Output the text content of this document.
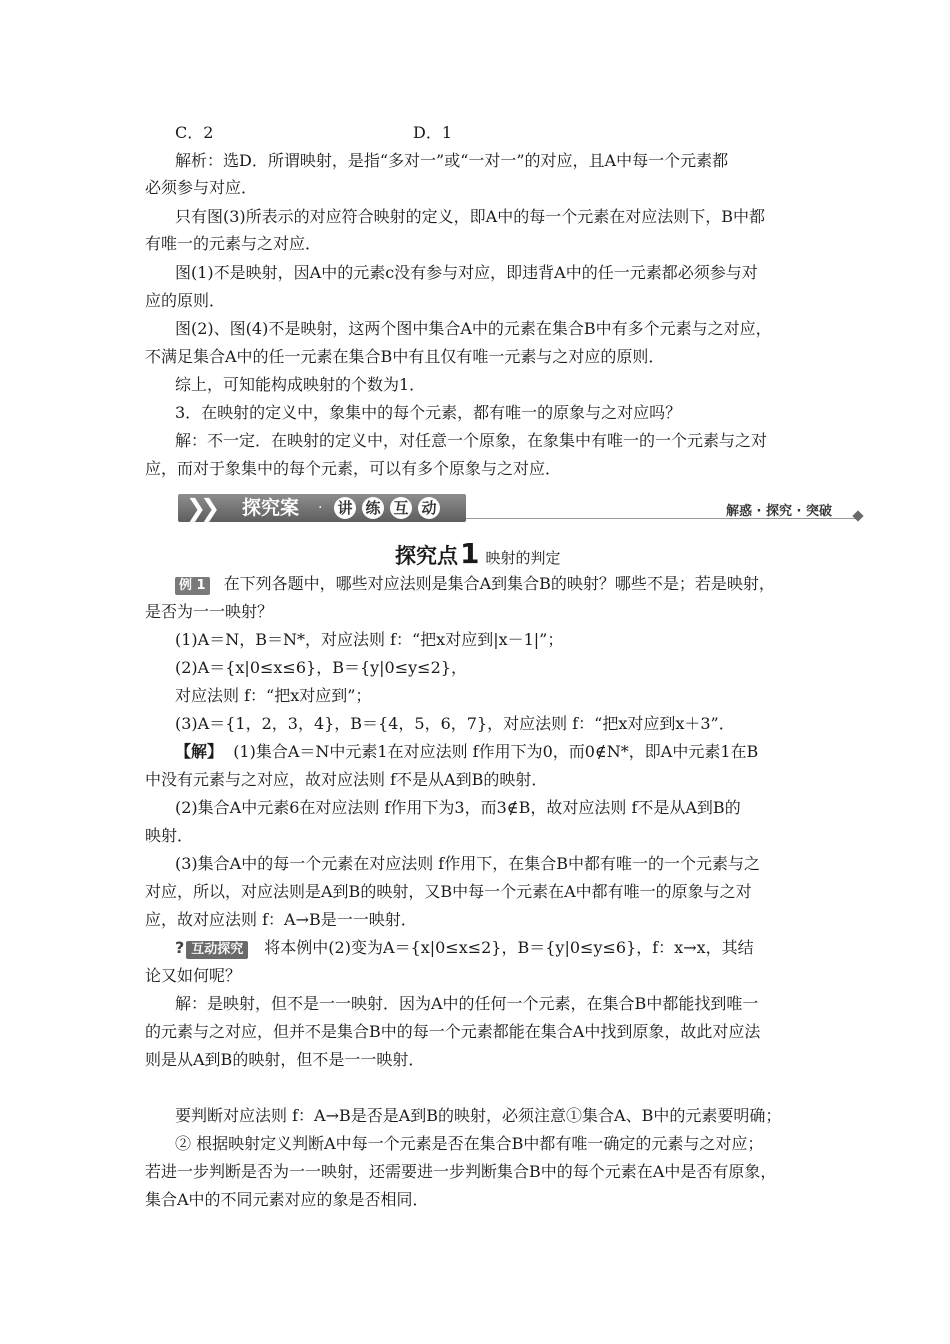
C．2	D．1
解析：选D．所谓映射，是指“多对一”或“一对一”的对应，且A中每一个元素都
必须参与对应．
只有图(3)所表示的对应符合映射的定义，即A中的每一个元素在对应法则下，B中都
有唯一的元素与之对应．
图(1)不是映射，因A中的元素c没有参与对应，即违背A中的任一元素都必须参与对
应的原则．
图(2)、图(4)不是映射，这两个图中集合A中的元素在集合B中有多个元素与之对应，
不满足集合A中的任一元素在集合B中有且仅有唯一元素与之对应的原则．
综上，可知能构成映射的个数为1．
3．在映射的定义中，象集中的每个元素，都有唯一的原象与之对应吗？
解：不一定．在映射的定义中，对任意一个原象，在象集中有唯一的一个元素与之对
应，而对于象集中的每个元素，可以有多个原象与之对应．
❯❯ 探究案 · 讲 练 互 动	解惑 · 探究 · 突破
探究点1 映射的判定
例 1 在下列各题中，哪些对应法则是集合A到集合B的映射？哪些不是；若是映射，
是否为一一映射？
(1)A＝N，B＝N*，对应法则 f：“把x对应到|x－1|”；
(2)A＝{x|0≤x≤6}，B＝{y|0≤y≤2}，
对应法则 f：“把x对应到”；
(3)A＝{1，2，3，4}，B＝{4，5，6，7}，对应法则 f：“把x对应到x＋3”．
【解】 (1)集合A＝N中元素1在对应法则 f作用下为0，而0∉N*，即A中元素1在B
中没有元素与之对应，故对应法则 f不是从A到B的映射．
(2)集合A中元素6在对应法则 f作用下为3，而3∉B，故对应法则 f不是从A到B的
映射．
(3)集合A中的每一个元素在对应法则 f作用下，在集合B中都有唯一的一个元素与之
对应，所以，对应法则是A到B的映射，又B中每一个元素在A中都有唯一的原象与之对
应，故对应法则 f：A→B是一一映射．
? 互动探究 将本例中(2)变为A＝{x|0≤x≤2}，B＝{y|0≤y≤6}，f：x→x，其结
论又如何呢？
解：是映射，但不是一一映射．因为A中的任何一个元素，在集合B中都能找到唯一
的元素与之对应，但并不是集合B中的每一个元素都能在集合A中找到原象，故此对应法
则是从A到B的映射，但不是一一映射．
要判断对应法则 f：A→B是否是A到B的映射，必须注意①集合A、B中的元素要明确；
② 根据映射定义判断A中每一个元素是否在集合B中都有唯一确定的元素与之对应；
若进一步判断是否为一一映射，还需要进一步判断集合B中的每个元素在A中是否有原象，
集合A中的不同元素对应的象是否相同．
